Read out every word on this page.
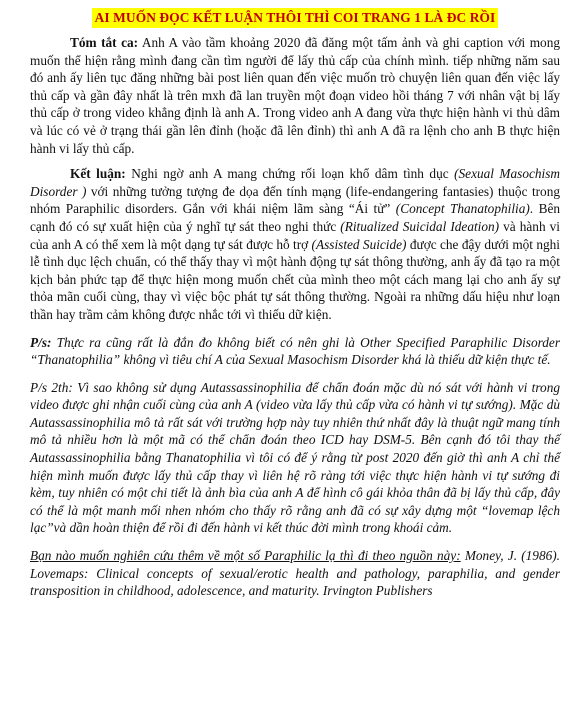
AI MUỐN ĐỌC KẾT LUẬN THÔI THÌ COI TRANG 1 LÀ ĐC RỒI

Tóm tắt ca: Anh A vào tầm khoảng 2020 đã đăng một tấm ảnh và ghi caption với mong muốn thể hiện rằng mình đang cần tìm người để lấy thủ cấp của chính mình. tiếp những năm sau đó anh ấy liên tục đăng những bài post liên quan đến việc muốn trò chuyện liên quan đến việc lấy thủ cấp và gần đây nhất là trên mxh đã lan truyền một đoạn video hồi tháng 7 với nhân vật bị lấy thủ cấp ở trong video khẳng định là anh A. Trong video anh A đang vừa thực hiện hành vi thủ dâm và lúc có vẻ ở trạng thái gần lên đỉnh (hoặc đã lên đỉnh) thì anh A đã ra lệnh cho anh B thực hiện hành vi lấy thủ cấp.

Kết luận: Nghi ngờ anh A mang chứng rối loạn khổ dâm tình dục (Sexual Masochism Disorder ) với những tưởng tượng đe dọa đến tính mạng (life-endangering fantasies) thuộc trong nhóm Paraphilic disorders. Gắn với khái niệm lãm sàng “Ái tử” (Concept Thanatophilia). Bên cạnh đó có sự xuất hiện của ý nghĩ tự sát theo nghi thức (Ritualized Suicidal Ideation) và hành vi của anh A có thể xem là một dạng tự sát được hỗ trợ (Assisted Suicide) được che đậy dưới một nghi lễ tình dục lệch chuẩn, có thể thấy thay vì một hành động tự sát thông thường, anh ấy đã tạo ra một kịch bản phức tạp để thực hiện mong muốn chết của mình theo một cách mang lại cho anh ấy sự thỏa mãn cuối cùng, thay vì việc bộc phát tự sát thông thường. Ngoài ra những dấu hiệu như loạn thần hay trầm cảm không được nhắc tới vì thiếu dữ kiện.

P/s: Thực ra cũng rất là đắn đo không biết có nên ghi là Other Specified Paraphilic Disorder “Thanatophilia” không vì tiêu chí A của Sexual Masochism Disorder khá là thiếu dữ kiện thực tế.

P/s 2th: Vì sao không sử dụng Autassassinophilia để chẩn đoán mặc dù nó sát với hành vi trong video được ghi nhận cuối cùng của anh A (video vừa lấy thủ cấp vừa có hành vi tự sướng). Mặc dù Autassassinophilia mô tả rất sát với trường hợp này tuy nhiên thứ nhất đây là thuật ngữ mang tính mô tả nhiều hơn là một mã có thể chẩn đoán theo ICD hay DSM-5. Bên cạnh đó tôi thay thế Autassassinophilia bằng Thanatophilia vì tôi có để ý rằng từ post 2020 đến giờ thì anh A chỉ thể hiện mình muốn được lấy thủ cấp thay vì liên hệ rõ ràng tới việc thực hiện hành vi tự sướng đi kèm, tuy nhiên có một chi tiết là ảnh bìa của anh A để hình cô gái khỏa thân đã bị lấy thủ cấp, đây có thể là một manh mối nhen nhóm cho thấy rõ rằng anh đã có sự xây dựng một “lovemap lệch lạc”và dần hoàn thiện để rồi đi đến hành vi kết thúc đời mình trong khoái cảm.

Bạn nào muốn nghiên cứu thêm về một số Paraphilic lạ thì đi theo nguồn này: Money, J. (1986). Lovemaps: Clinical concepts of sexual/erotic health and pathology, paraphilia, and gender transposition in childhood, adolescence, and maturity. Irvington Publishers
